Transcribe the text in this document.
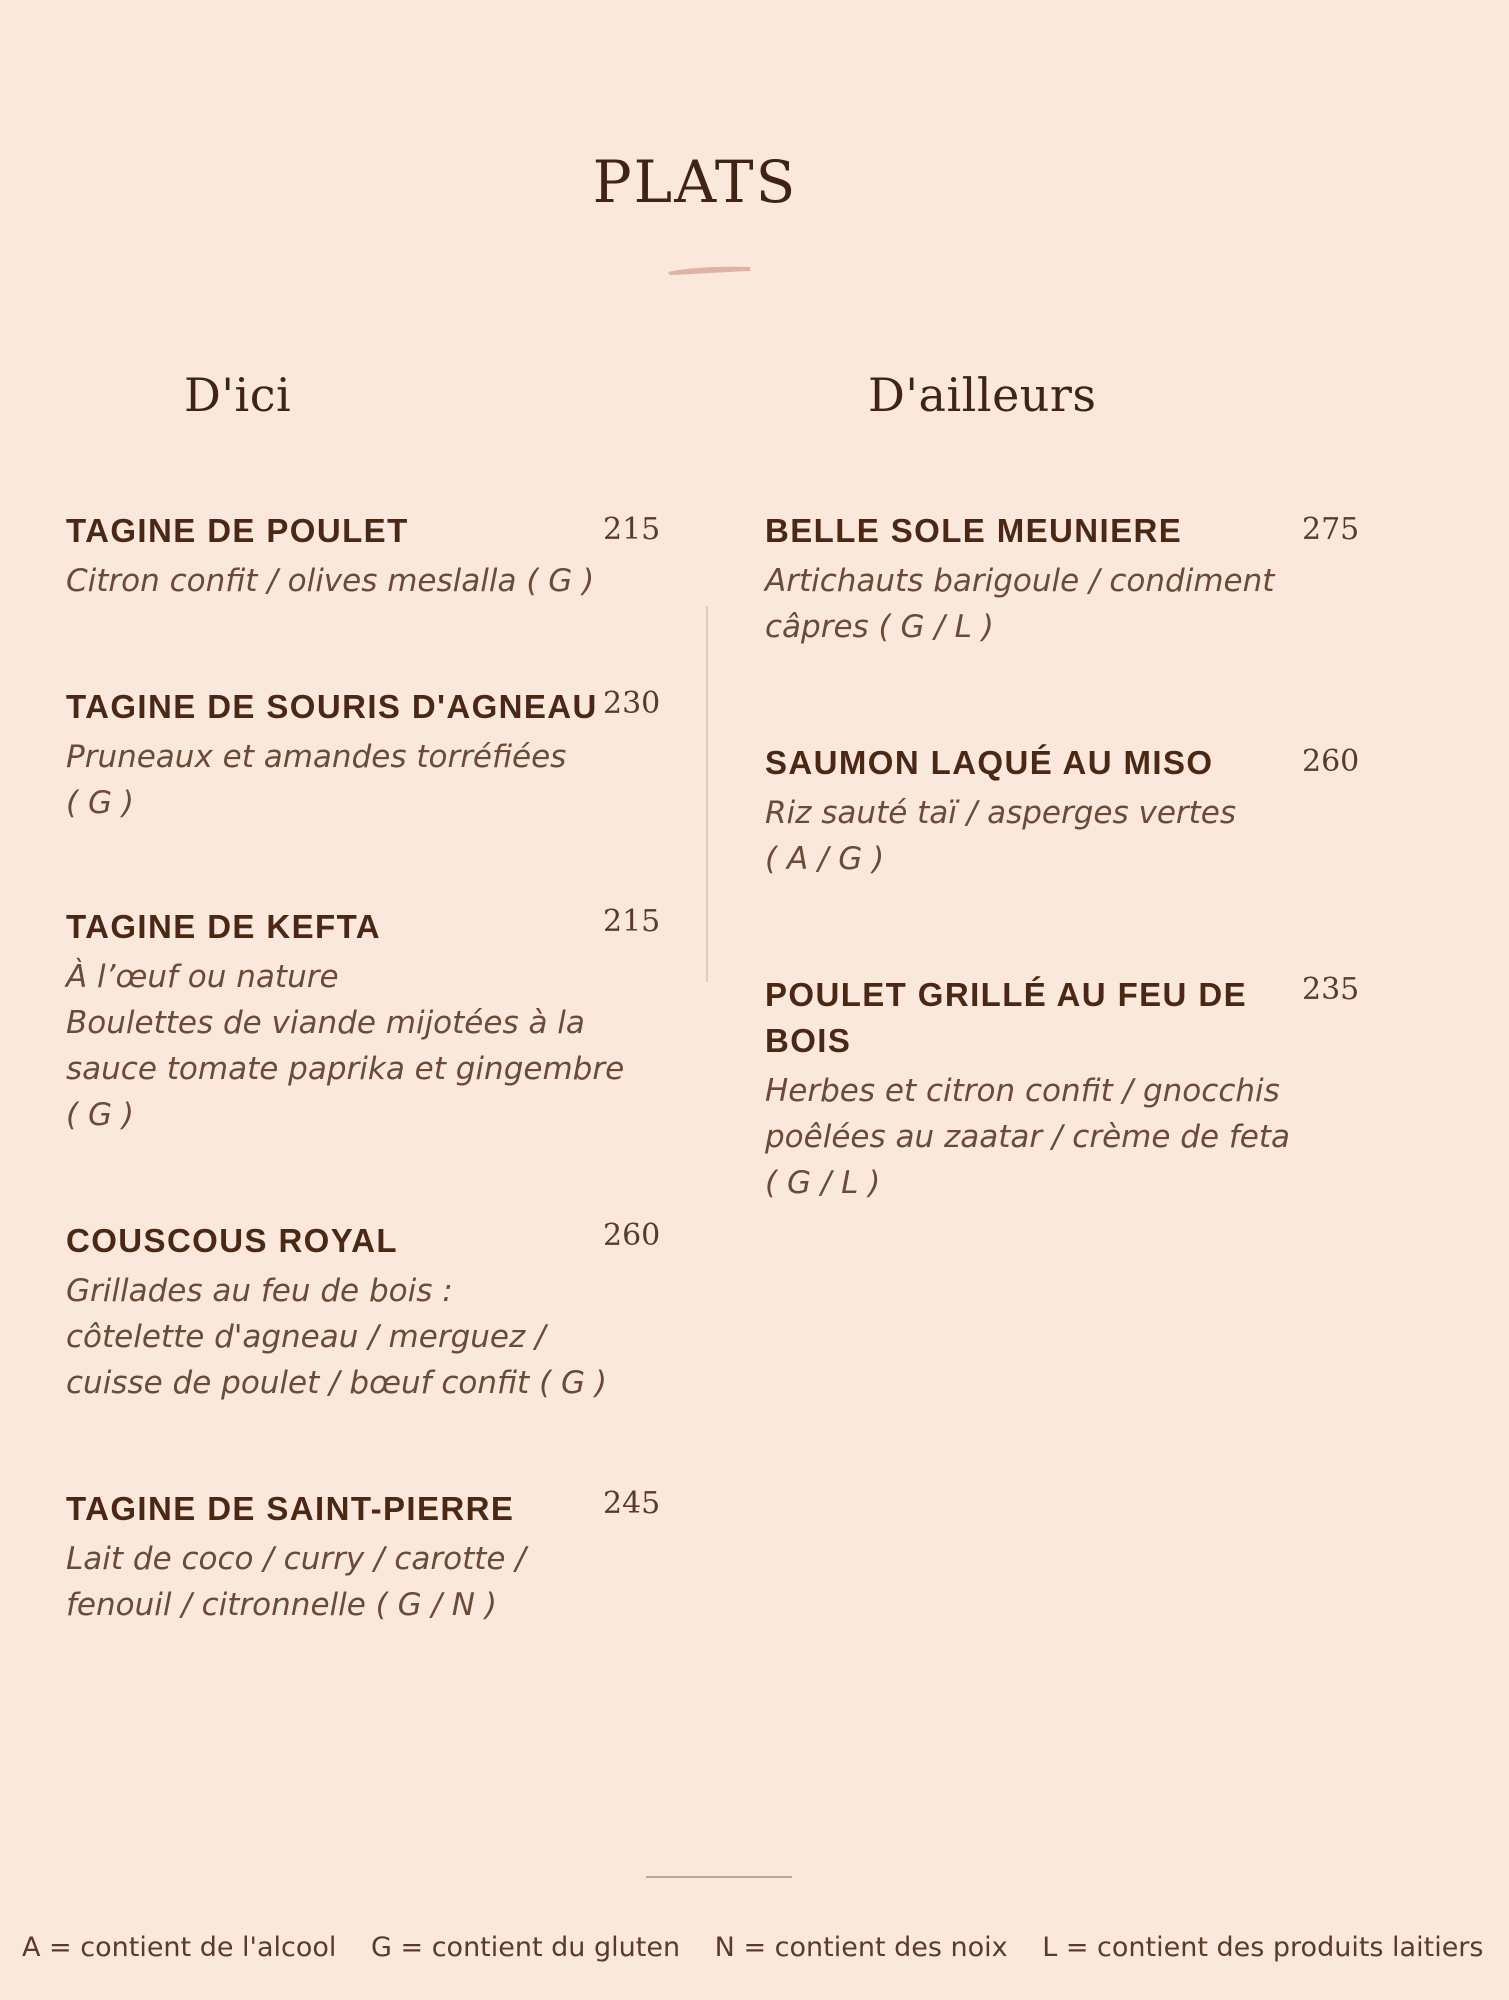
PLATS
D'ici	D'ailleurs
TAGINE DE POULET
Citron confit / olives meslalla ( G )
215
TAGINE DE SOURIS D'AGNEAU
Pruneaux et amandes torréfiées
( G )
230
TAGINE DE KEFTA
À l’œuf ou nature
Boulettes de viande mijotées à la
sauce tomate paprika et gingembre
( G )
215
COUSCOUS ROYAL
Grillades au feu de bois :
côtelette d'agneau / merguez /
cuisse de poulet / bœuf confit ( G )
260
TAGINE DE SAINT-PIERRE
Lait de coco / curry / carotte /
fenouil / citronnelle ( G / N )
245
BELLE SOLE MEUNIERE
Artichauts barigoule / condiment
câpres ( G / L )
275
SAUMON LAQUÉ AU MISO
Riz sauté taï / asperges vertes
( A / G )
260
POULET GRILLÉ AU FEU DE
BOIS
Herbes et citron confit / gnocchis
poêlées au zaatar / crème de feta
( G / L )
235
A = contient de l'alcool G = contient du gluten N = contient des noix L = contient des produits laitiers
